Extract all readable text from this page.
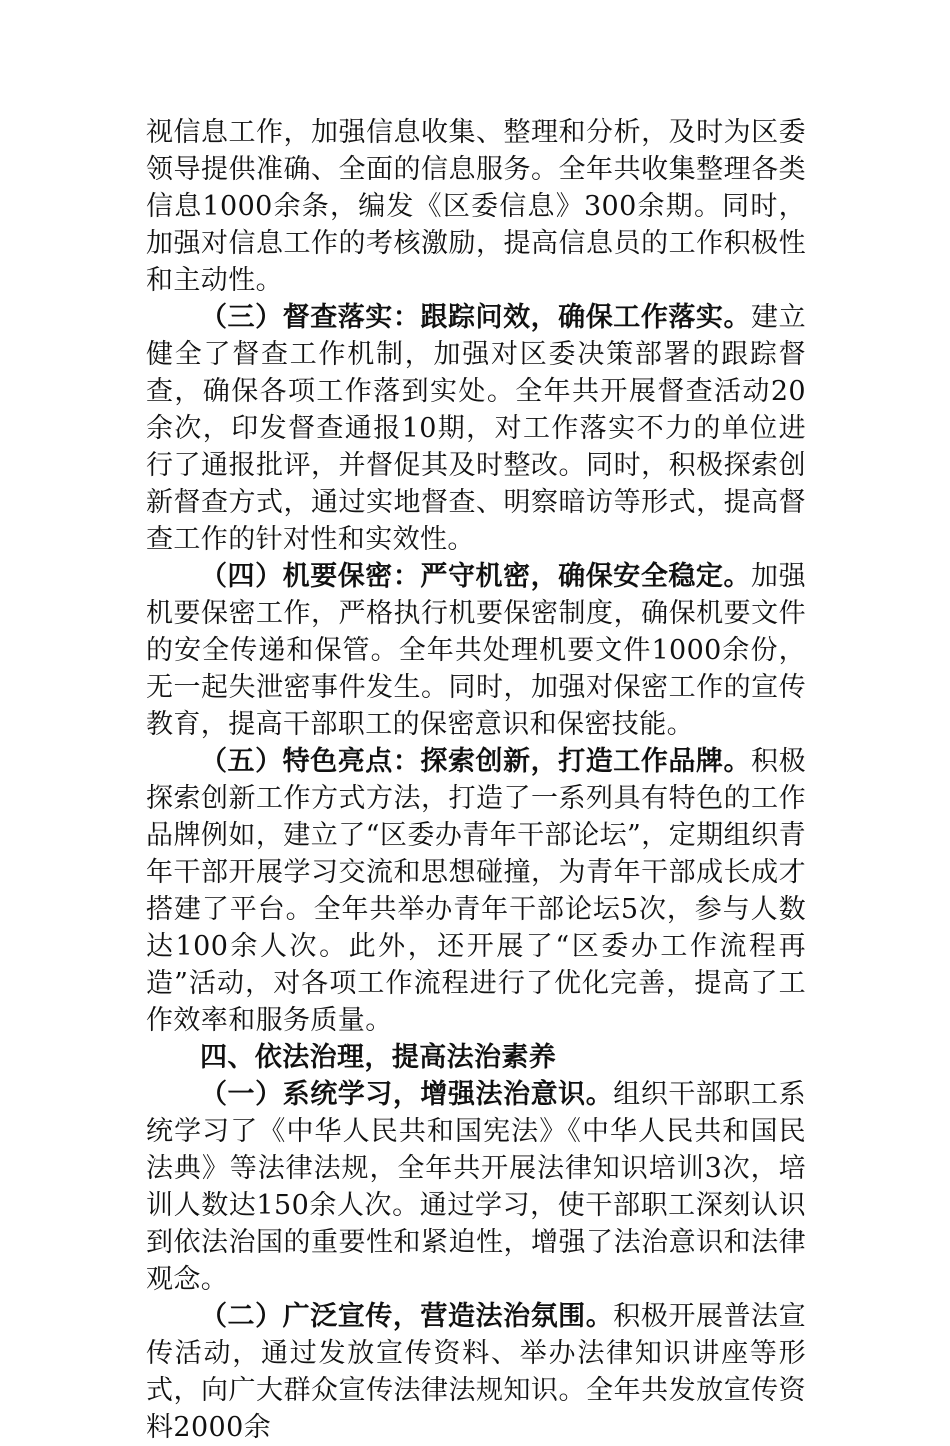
视信息工作，加强信息收集、整理和分析，及时为区委领导提供准确、全面的信息服务。全年共收集整理各类信息1000余条，编发《区委信息》300余期。同时，加强对信息工作的考核激励，提高信息员的工作积极性和主动性。

（三）督查落实：跟踪问效，确保工作落实。建立健全了督查工作机制，加强对区委决策部署的跟踪督查，确保各项工作落到实处。全年共开展督查活动20余次，印发督查通报10期，对工作落实不力的单位进行了通报批评，并督促其及时整改。同时，积极探索创新督查方式，通过实地督查、明察暗访等形式，提高督查工作的针对性和实效性。

（四）机要保密：严守机密，确保安全稳定。加强机要保密工作，严格执行机要保密制度，确保机要文件的安全传递和保管。全年共处理机要文件1000余份，无一起失泄密事件发生。同时，加强对保密工作的宣传教育，提高干部职工的保密意识和保密技能。

（五）特色亮点：探索创新，打造工作品牌。积极探索创新工作方式方法，打造了一系列具有特色的工作品牌例如，建立了“区委办青年干部论坛”，定期组织青年干部开展学习交流和思想碰撞，为青年干部成长成才搭建了平台。全年共举办青年干部论坛5次，参与人数达100余人次。此外，还开展了“区委办工作流程再造”活动，对各项工作流程进行了优化完善，提高了工作效率和服务质量。

四、依法治理，提高法治素养

（一）系统学习，增强法治意识。组织干部职工系统学习了《中华人民共和国宪法》《中华人民共和国民法典》等法律法规，全年共开展法律知识培训3次，培训人数达150余人次。通过学习，使干部职工深刻认识到依法治国的重要性和紧迫性，增强了法治意识和法律观念。

（二）广泛宣传，营造法治氛围。积极开展普法宣传活动，通过发放宣传资料、举办法律知识讲座等形式，向广大群众宣传法律法规知识。全年共发放宣传资料2000余
